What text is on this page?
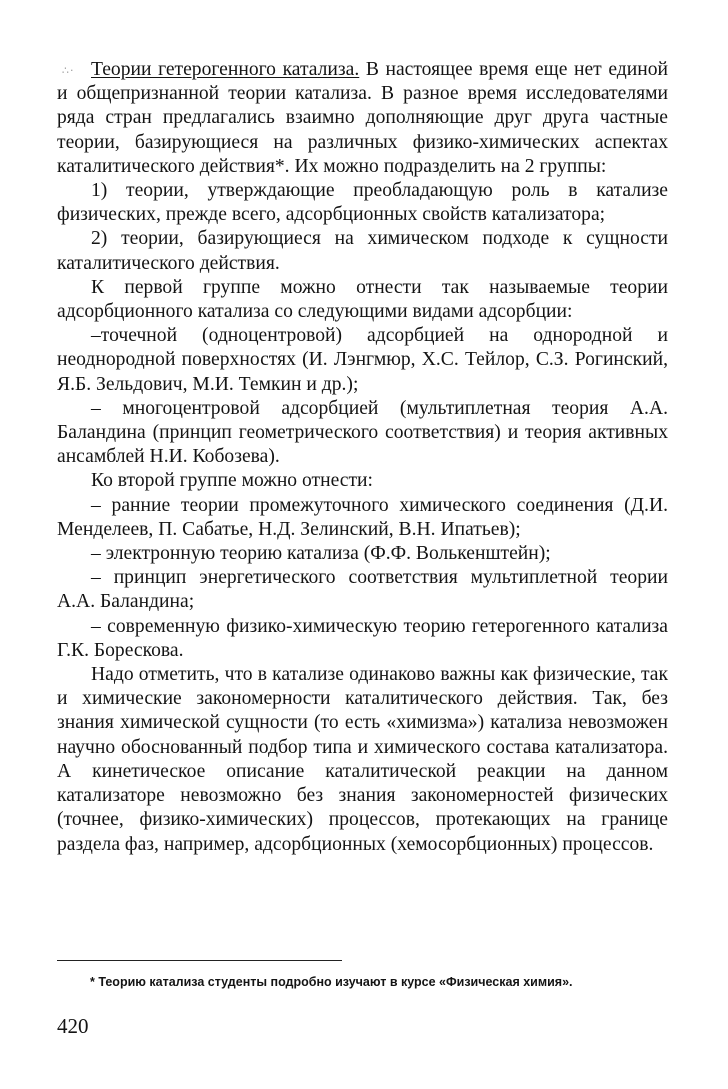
∴· Теории гетерогенного катализа. В настоящее время еще нет единой и общепризнанной теории катализа. В разное время исследователями ряда стран предлагались взаимно дополняющие друг друга частные теории, базирующиеся на различных физико-химических аспектах каталитического действия*. Их можно подразделить на 2 группы:

1) теории, утверждающие преобладающую роль в катализе физических, прежде всего, адсорбционных свойств катализатора;

2) теории, базирующиеся на химическом подходе к сущности каталитического действия.

К первой группе можно отнести так называемые теории адсорбционного катализа со следующими видами адсорбции:

–точечной (одноцентровой) адсорбцией на однородной и неоднородной поверхностях (И. Лэнгмюр, Х.С. Тейлор, С.З. Рогинский, Я.Б. Зельдович, М.И. Темкин и др.);

– многоцентровой адсорбцией (мультиплетная теория А.А. Баландина (принцип геометрического соответствия) и теория активных ансамблей Н.И. Кобозева).

Ко второй группе можно отнести:

– ранние теории промежуточного химического соединения (Д.И. Менделеев, П. Сабатье, Н.Д. Зелинский, В.Н. Ипатьев);

– электронную теорию катализа (Ф.Ф. Волькенштейн);

– принцип энергетического соответствия мультиплетной теории А.А. Баландина;

– современную физико-химическую теорию гетерогенного катализа Г.К. Борескова.

Надо отметить, что в катализе одинаково важны как физические, так и химические закономерности каталитического действия. Так, без знания химической сущности (то есть «химизма») катализа невозможен научно обоснованный подбор типа и химического состава катализатора. А кинетическое описание каталитической реакции на данном катализаторе невозможно без знания закономерностей физических (точнее, физико-химических) процессов, протекающих на границе раздела фаз, например, адсорбционных (хемосорбционных) процессов.

* Теорию катализа студенты подробно изучают в курсе «Физическая химия».
420
